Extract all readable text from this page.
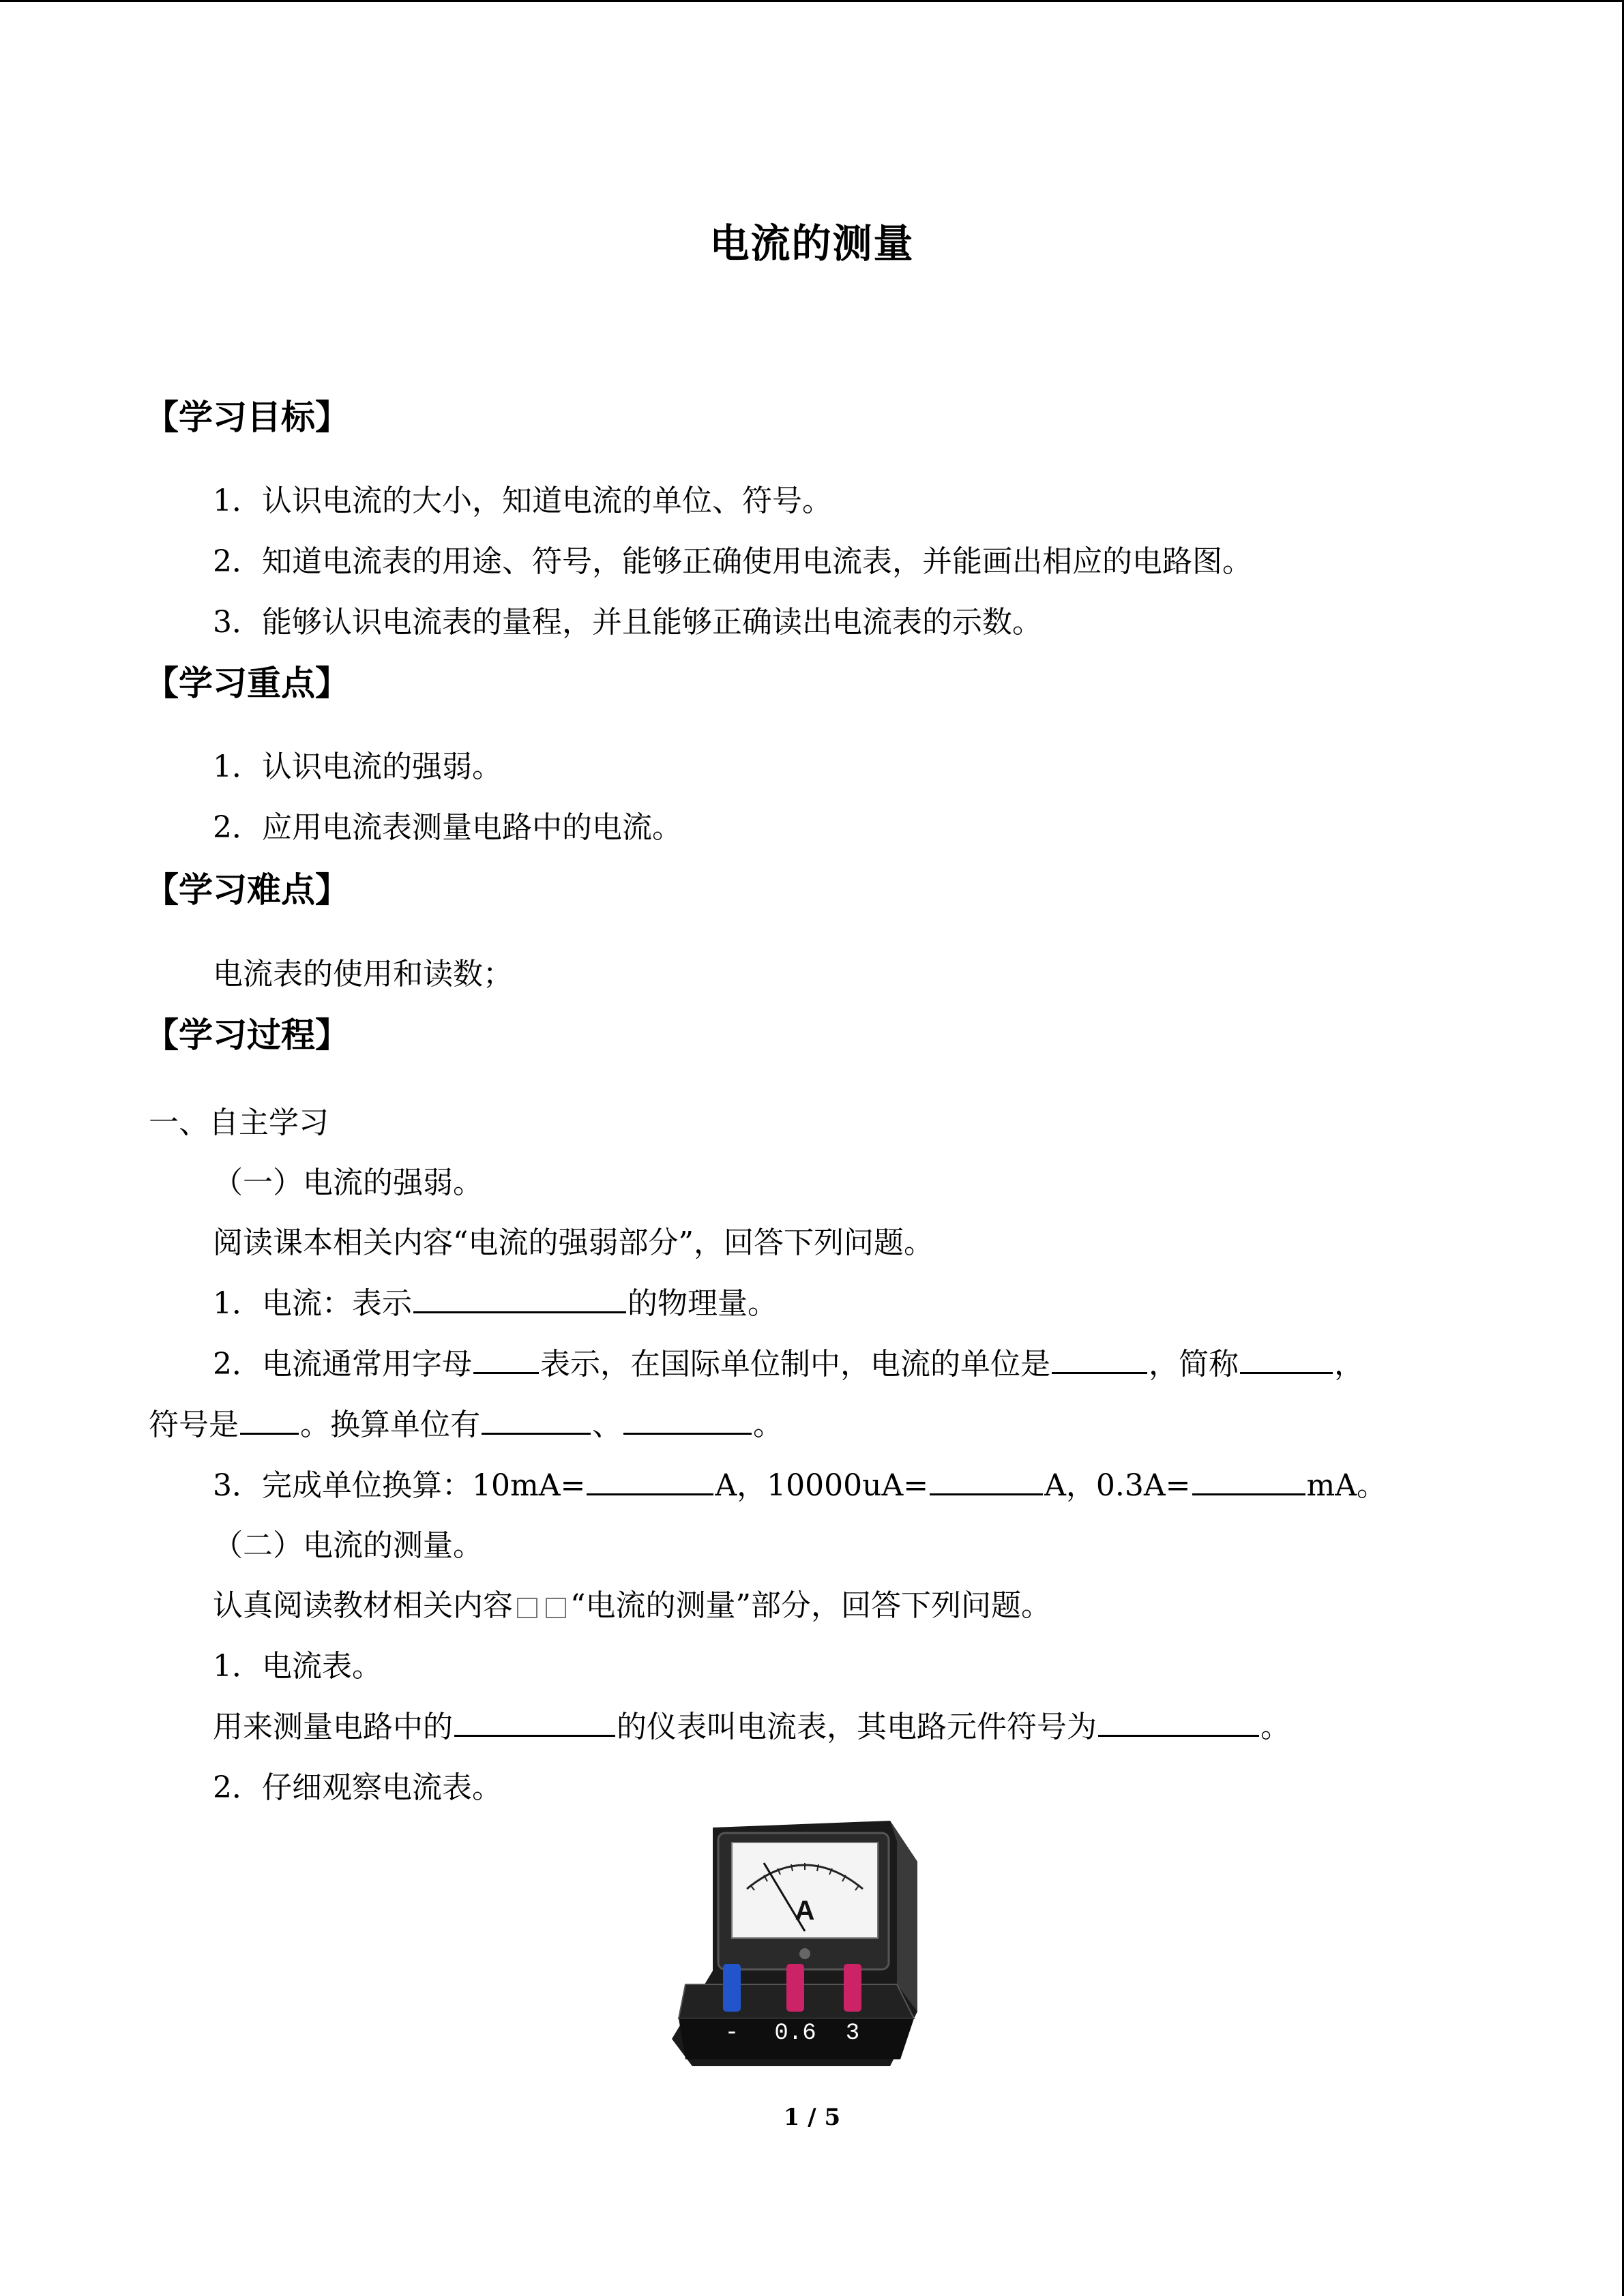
电流的测量
【学习目标】
1．认识电流的大小，知道电流的单位、符号。
2．知道电流表的用途、符号，能够正确使用电流表，并能画出相应的电路图。
3．能够认识电流表的量程，并且能够正确读出电流表的示数。
【学习重点】
1．认识电流的强弱。
2．应用电流表测量电路中的电流。
【学习难点】
电流表的使用和读数；
【学习过程】
一、自主学习
（一）电流的强弱。
阅读课本相关内容“电流的强弱部分”，回答下列问题。
1．电流：表示	的物理量。
2．电流通常用字母 表示，在国际单位制中，电流的单位是	，简称	，
符号是 。换算单位有	、	。
3．完成单位换算：10mA=	A，10000uA=	A，0.3A=	mA。
（二）电流的测量。
认真阅读教材相关内容 “电流的测量”部分，回答下列问题。
1．电流表。
用来测量电路中的	的仪表叫电流表，其电路元件符号为	。
2．仔细观察电流表。
A
- 0.6 3
1 / 5
